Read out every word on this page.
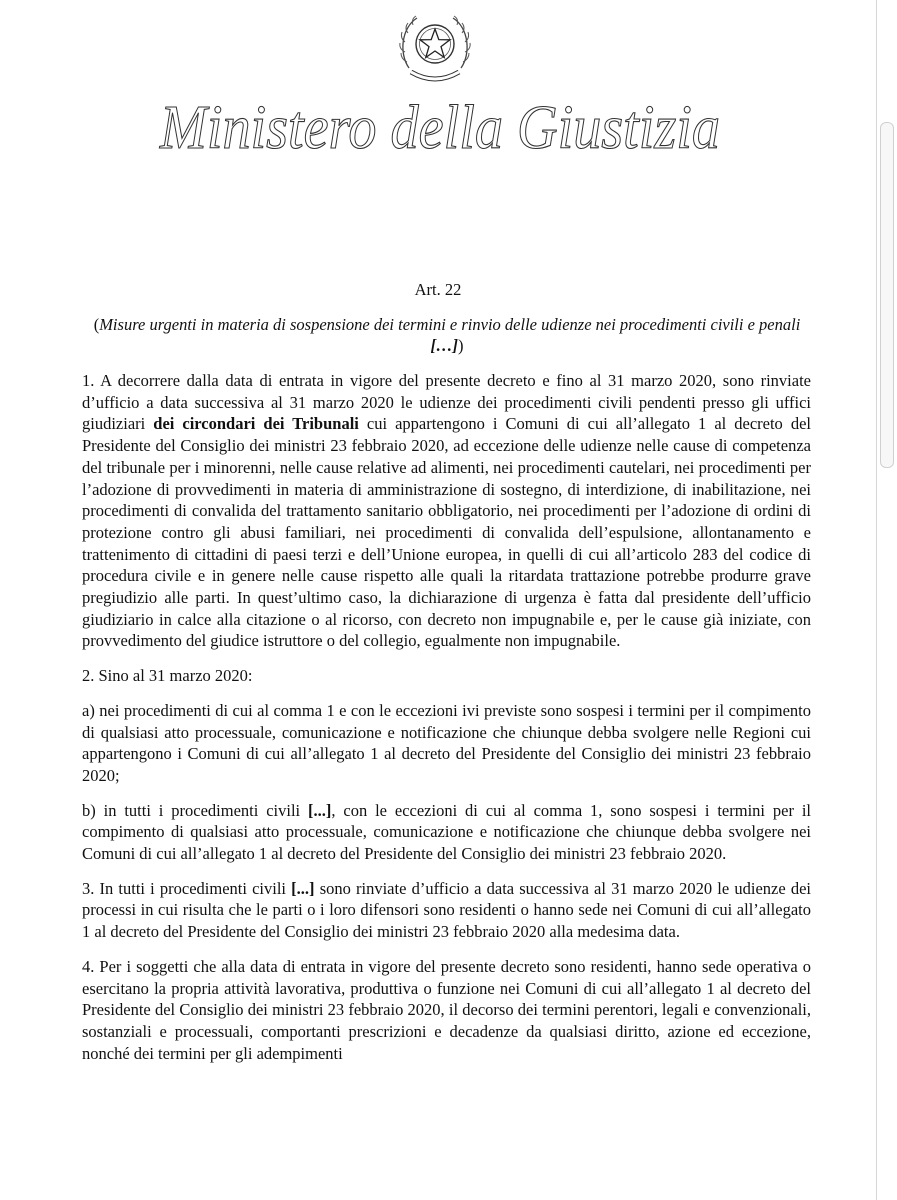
Ministero della Giustizia
Art. 22
(Misure urgenti in materia di sospensione dei termini e rinvio delle udienze nei procedimenti civili e penali […])

1. A decorrere dalla data di entrata in vigore del presente decreto e fino al 31 marzo 2020, sono rinviate d’ufficio a data successiva al 31 marzo 2020 le udienze dei procedimenti civili pendenti presso gli uffici giudiziari dei circondari dei Tribunali cui appartengono i Comuni di cui all’allegato 1 al decreto del Presidente del Consiglio dei ministri 23 febbraio 2020, ad eccezione delle udienze nelle cause di competenza del tribunale per i minorenni, nelle cause relative ad alimenti, nei procedimenti cautelari, nei procedimenti per l’adozione di provvedimenti in materia di amministrazione di sostegno, di interdizione, di inabilitazione, nei procedimenti di convalida del trattamento sanitario obbligatorio, nei procedimenti per l’adozione di ordini di protezione contro gli abusi familiari, nei procedimenti di convalida dell’espulsione, allontanamento e trattenimento di cittadini di paesi terzi e dell’Unione europea, in quelli di cui all’articolo 283 del codice di procedura civile e in genere nelle cause rispetto alle quali la ritardata trattazione potrebbe produrre grave pregiudizio alle parti. In quest’ultimo caso, la dichiarazione di urgenza è fatta dal presidente dell’ufficio giudiziario in calce alla citazione o al ricorso, con decreto non impugnabile e, per le cause già iniziate, con provvedimento del giudice istruttore o del collegio, egualmente non impugnabile.

2. Sino al 31 marzo 2020:

a) nei procedimenti di cui al comma 1 e con le eccezioni ivi previste sono sospesi i termini per il compimento di qualsiasi atto processuale, comunicazione e notificazione che chiunque debba svolgere nelle Regioni cui appartengono i Comuni di cui all’allegato 1 al decreto del Presidente del Consiglio dei ministri 23 febbraio 2020;

b) in tutti i procedimenti civili [...], con le eccezioni di cui al comma 1, sono sospesi i termini per il compimento di qualsiasi atto processuale, comunicazione e notificazione che chiunque debba svolgere nei Comuni di cui all’allegato 1 al decreto del Presidente del Consiglio dei ministri 23 febbraio 2020.

3. In tutti i procedimenti civili [...] sono rinviate d’ufficio a data successiva al 31 marzo 2020 le udienze dei processi in cui risulta che le parti o i loro difensori sono residenti o hanno sede nei Comuni di cui all’allegato 1 al decreto del Presidente del Consiglio dei ministri 23 febbraio 2020 alla medesima data.

4. Per i soggetti che alla data di entrata in vigore del presente decreto sono residenti, hanno sede operativa o esercitano la propria attività lavorativa, produttiva o funzione nei Comuni di cui all’allegato 1 al decreto del Presidente del Consiglio dei ministri 23 febbraio 2020, il decorso dei termini perentori, legali e convenzionali, sostanziali e processuali, comportanti prescrizioni e decadenze da qualsiasi diritto, azione ed eccezione, nonché dei termini per gli adempimenti
